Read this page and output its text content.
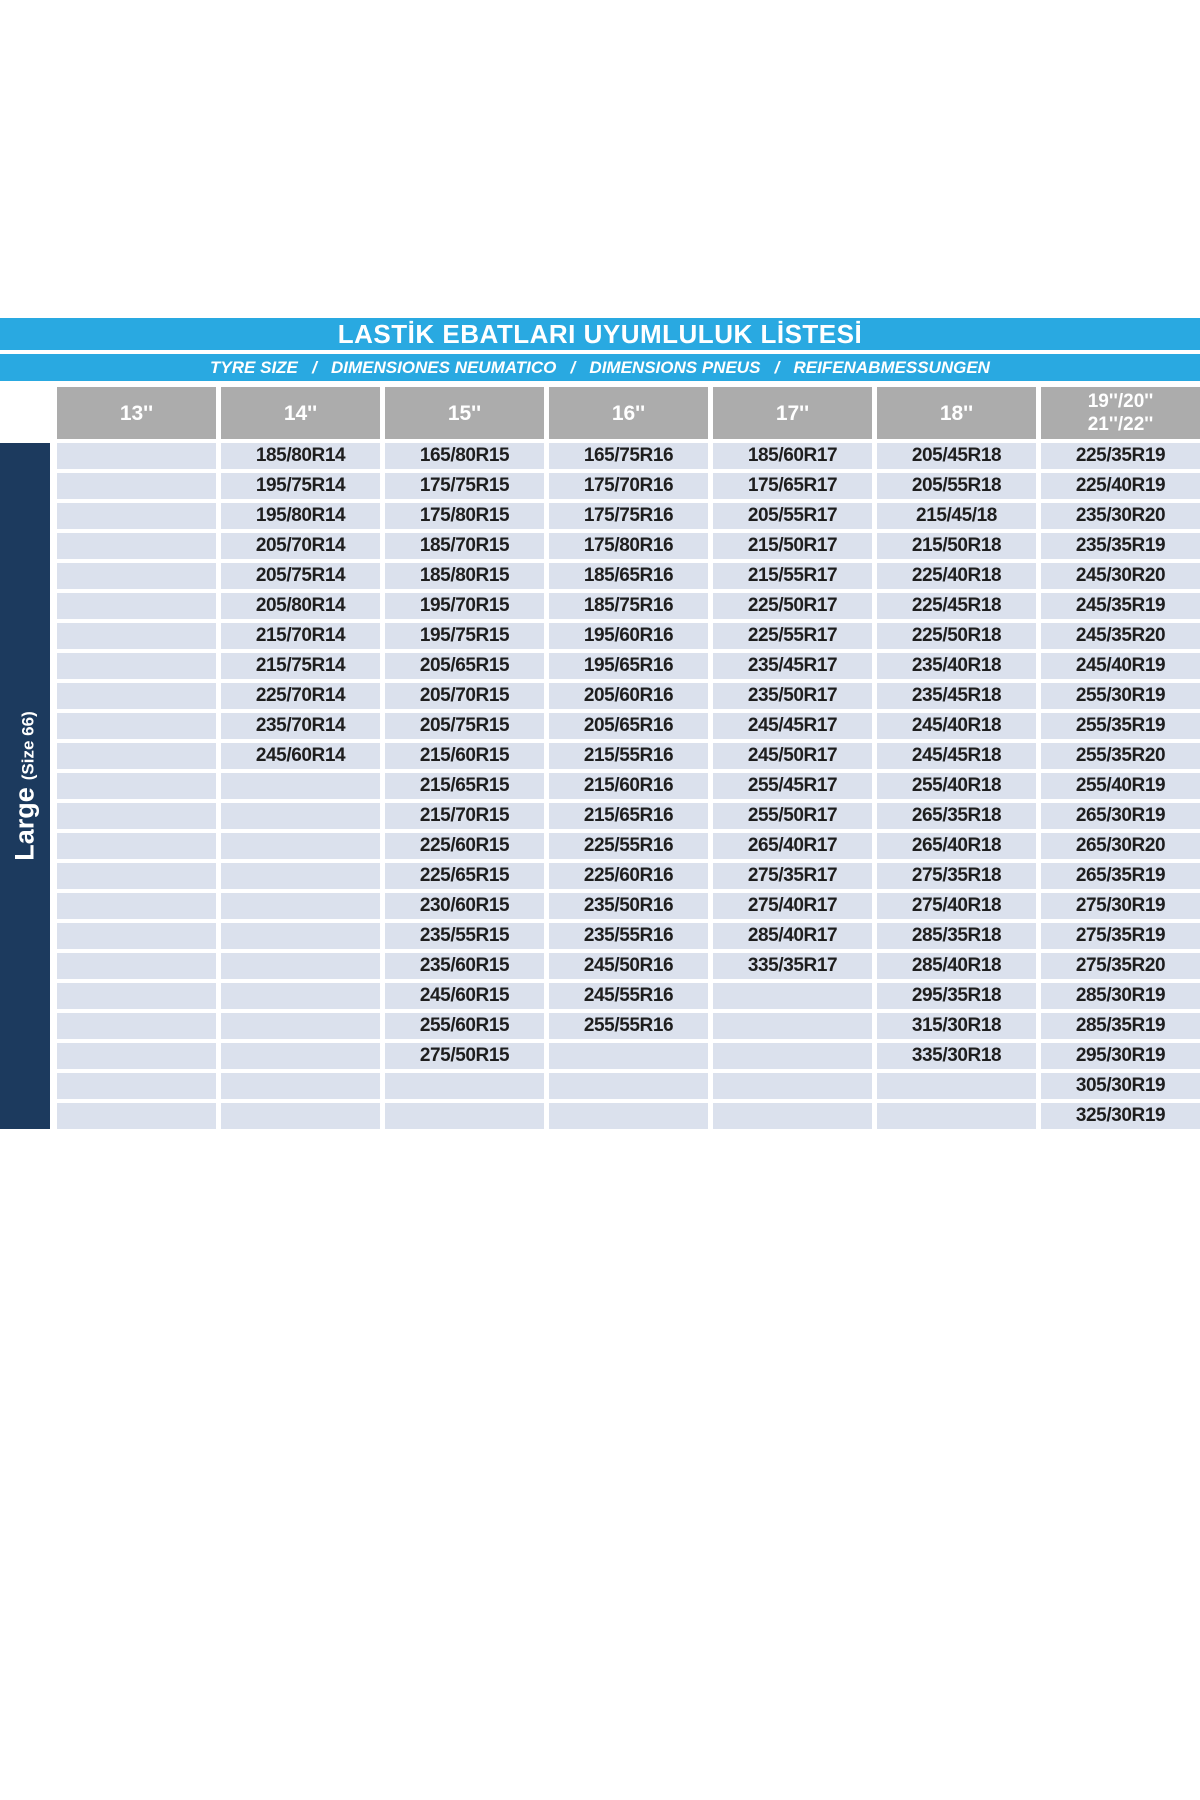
LASTİK EBATLARI UYUMLULUK LİSTESİ
TYRE SIZE   /   DIMENSIONES NEUMATICO   /   DIMENSIONS PNEUS   /   REIFENABMESSUNGEN
Large(Size 66)
13''	14''
185/80R14
195/75R14
195/80R14
205/70R14
205/75R14
205/80R14
215/70R14
215/75R14
225/70R14
235/70R14
245/60R14
15''
165/80R15
175/75R15
175/80R15
185/70R15
185/80R15
195/70R15
195/75R15
205/65R15
205/70R15
205/75R15
215/60R15
215/65R15
215/70R15
225/60R15
225/65R15
230/60R15
235/55R15
235/60R15
245/60R15
255/60R15
275/50R15
16''
165/75R16
175/70R16
175/75R16
175/80R16
185/65R16
185/75R16
195/60R16
195/65R16
205/60R16
205/65R16
215/55R16
215/60R16
215/65R16
225/55R16
225/60R16
235/50R16
235/55R16
245/50R16
245/55R16
255/55R16
17''
185/60R17
175/65R17
205/55R17
215/50R17
215/55R17
225/50R17
225/55R17
235/45R17
235/50R17
245/45R17
245/50R17
255/45R17
255/50R17
265/40R17
275/35R17
275/40R17
285/40R17
335/35R17
18''
205/45R18
205/55R18
215/45/18
215/50R18
225/40R18
225/45R18
225/50R18
235/40R18
235/45R18
245/40R18
245/45R18
255/40R18
265/35R18
265/40R18
275/35R18
275/40R18
285/35R18
285/40R18
295/35R18
315/30R18
335/30R18
19''/20''
21''/22''
225/35R19
225/40R19
235/30R20
235/35R19
245/30R20
245/35R19
245/35R20
245/40R19
255/30R19
255/35R19
255/35R20
255/40R19
265/30R19
265/30R20
265/35R19
275/30R19
275/35R19
275/35R20
285/30R19
285/35R19
295/30R19
305/30R19
325/30R19
